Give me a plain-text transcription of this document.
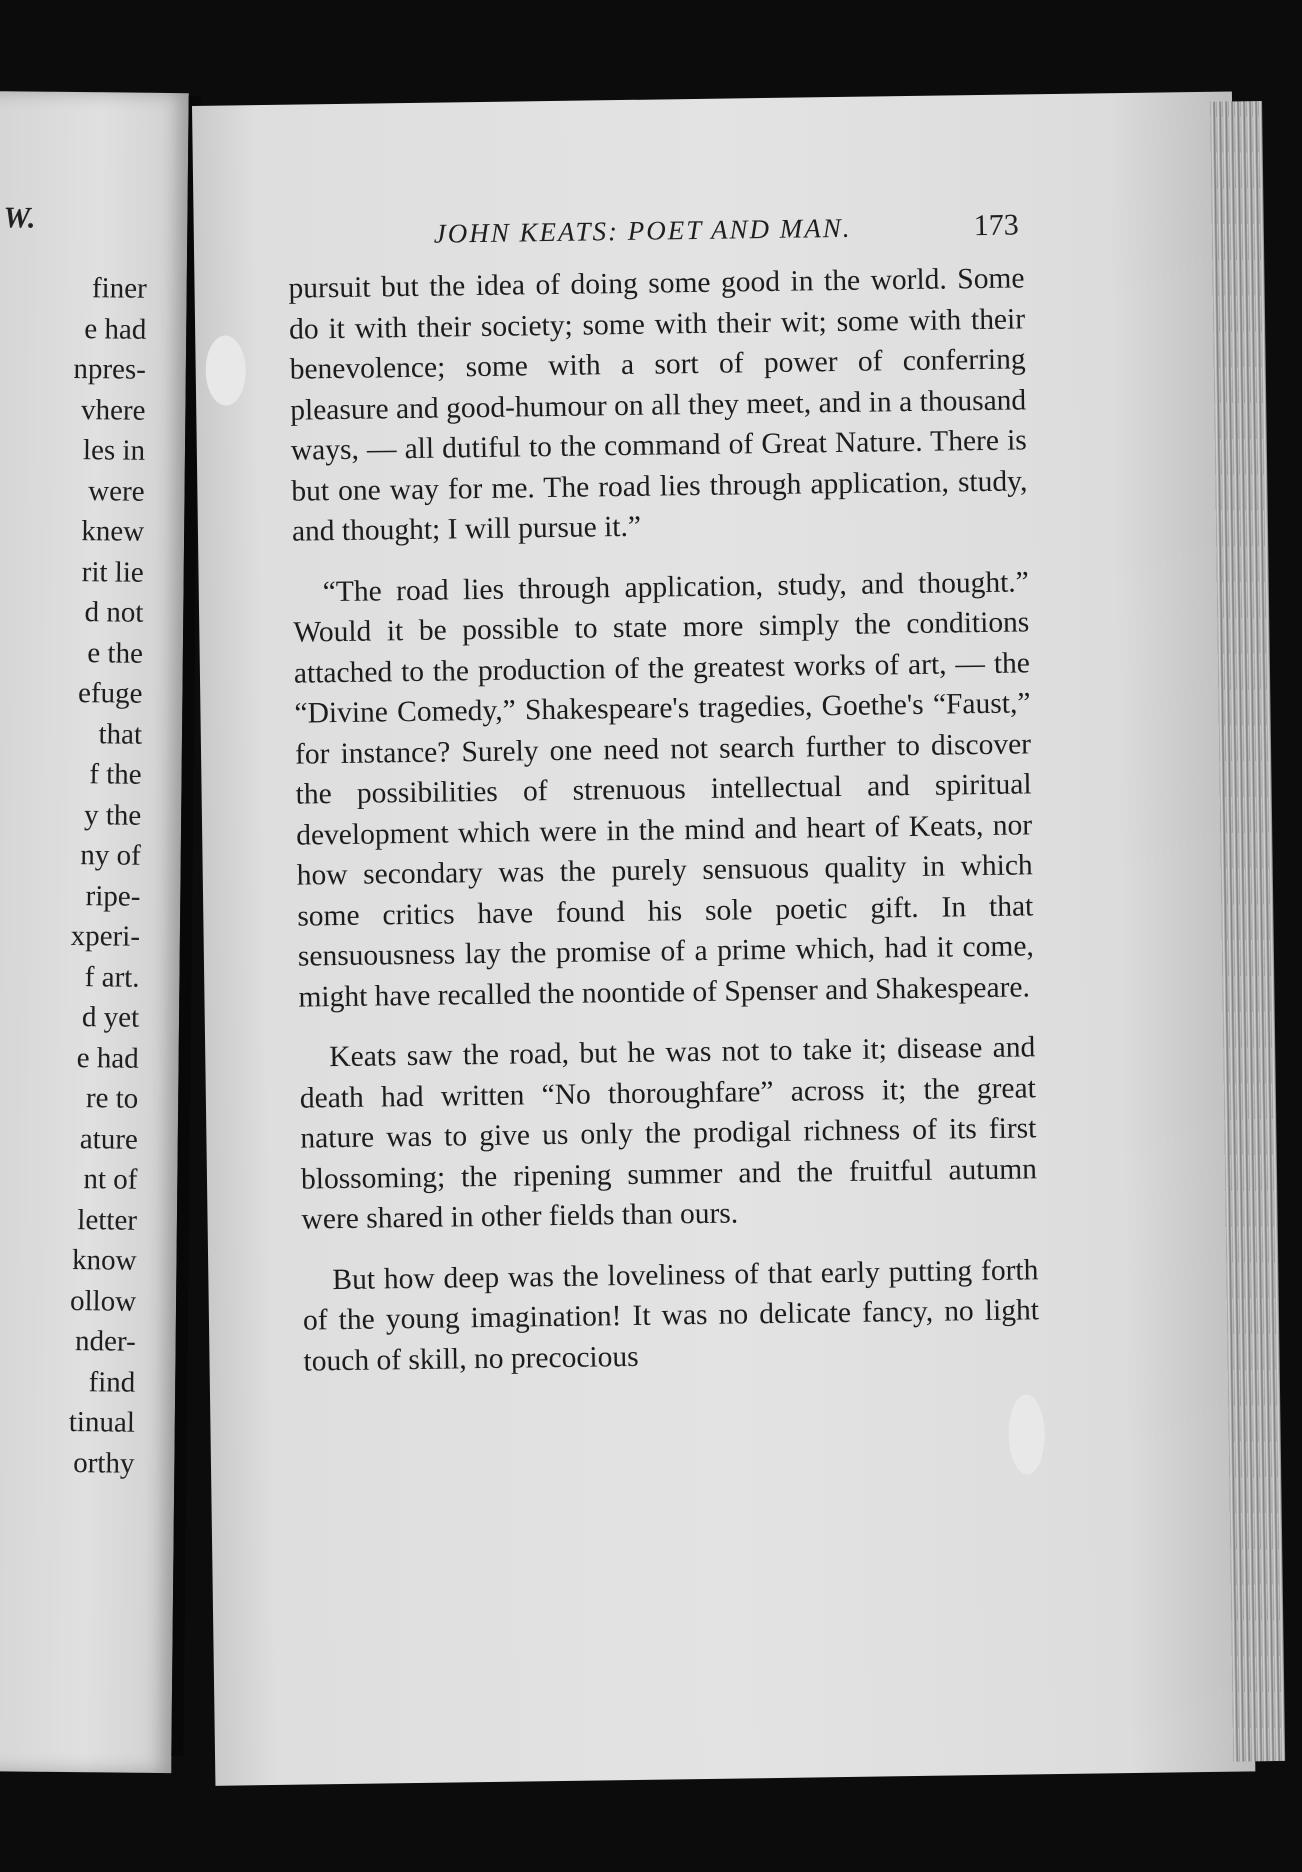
W.
finer
e had
npres-
vhere
les in
were
knew
rit lie
d not
e the
efuge
that
f the
y the
ny of
ripe-
xperi-
f art.
d yet
e had
re to
ature
nt of
letter
know
ollow
nder-
find
tinual
orthy
JOHN KEATS: POET AND MAN.	173

pursuit but the idea of doing some good in the world. Some do it with their society; some with their wit; some with their benevolence; some with a sort of power of conferring pleasure and good-humour on all they meet, and in a thousand ways, — all dutiful to the command of Great Nature. There is but one way for me. The road lies through application, study, and thought; I will pursue it.”

“The road lies through application, study, and thought.” Would it be possible to state more simply the conditions attached to the production of the greatest works of art, — the “Divine Comedy,” Shakespeare's tragedies, Goethe's “Faust,” for instance? Surely one need not search further to discover the possibilities of strenuous intellectual and spiritual development which were in the mind and heart of Keats, nor how secondary was the purely sensuous quality in which some critics have found his sole poetic gift. In that sensuousness lay the promise of a prime which, had it come, might have recalled the noontide of Spenser and Shakespeare.

Keats saw the road, but he was not to take it; disease and death had written “No thoroughfare” across it; the great nature was to give us only the prodigal richness of its first blossoming; the ripening summer and the fruitful autumn were shared in other fields than ours.

But how deep was the loveliness of that early putting forth of the young imagination! It was no delicate fancy, no light touch of skill, no precocious
